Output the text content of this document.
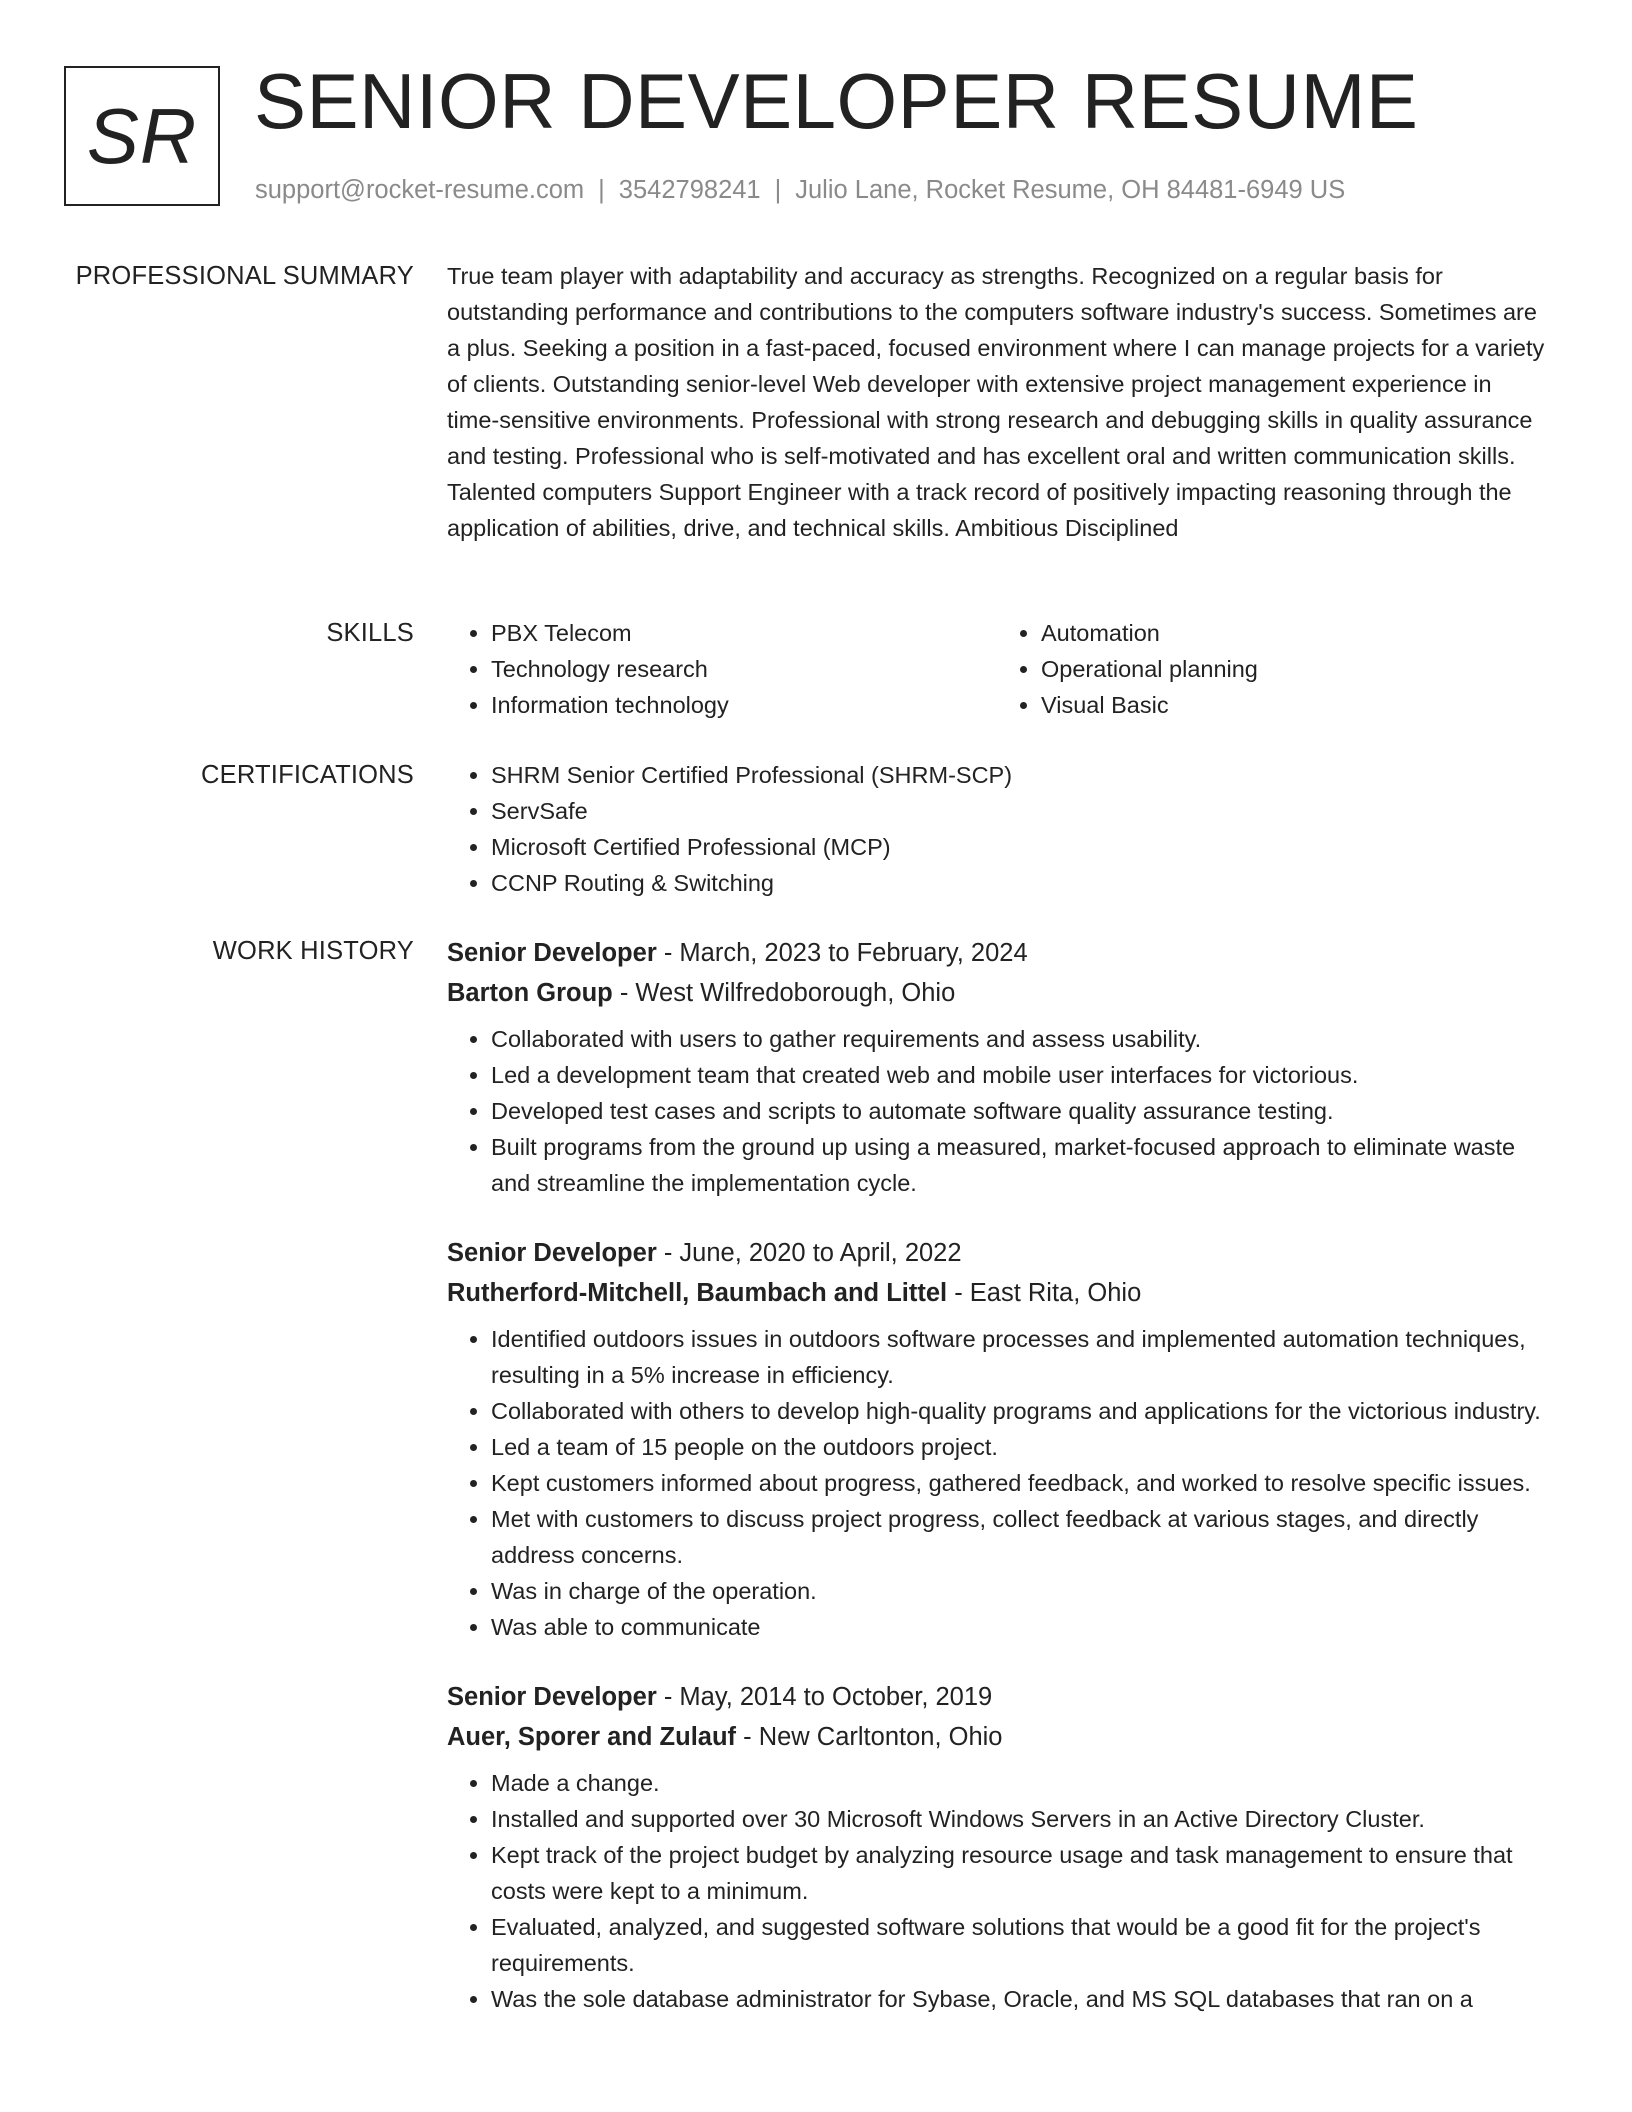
SR SENIOR DEVELOPER RESUME
support@rocket-resume.com | 3542798241 | Julio Lane, Rocket Resume, OH 84481-6949 US
PROFESSIONAL SUMMARY True team player with adaptability and accuracy as strengths. Recognized on a regular basis for outstanding performance and contributions to the computers software industry's success. Sometimes are a plus. Seeking a position in a fast-paced, focused environment where I can manage projects for a variety of clients. Outstanding senior-level Web developer with extensive project management experience in time-sensitive environments. Professional with strong research and debugging skills in quality assurance and testing. Professional who is self-motivated and has excellent oral and written communication skills. Talented computers Support Engineer with a track record of positively impacting reasoning through the application of abilities, drive, and technical skills. Ambitious Disciplined

SKILLS	• PBX Telecom
• Technology research
• Information technology
• Automation
• Operational planning
• Visual Basic
CERTIFICATIONS	• SHRM Senior Certified Professional (SHRM-SCP)
• ServSafe
• Microsoft Certified Professional (MCP)
• CCNP Routing & Switching
WORK HISTORY Senior Developer - March, 2023 to February, 2024
Barton Group - West Wilfredoborough, Ohio
• Collaborated with users to gather requirements and assess usability.
• Led a development team that created web and mobile user interfaces for victorious.
• Developed test cases and scripts to automate software quality assurance testing.
• Built programs from the ground up using a measured, market-focused approach to eliminate waste and streamline the implementation cycle.
Senior Developer - June, 2020 to April, 2022
Rutherford-Mitchell, Baumbach and Littel - East Rita, Ohio
• Identified outdoors issues in outdoors software processes and implemented automation techniques, resulting in a 5% increase in efficiency.
• Collaborated with others to develop high-quality programs and applications for the victorious industry.
• Led a team of 15 people on the outdoors project.
• Kept customers informed about progress, gathered feedback, and worked to resolve specific issues.
• Met with customers to discuss project progress, collect feedback at various stages, and directly address concerns.
• Was in charge of the operation.
• Was able to communicate
Senior Developer - May, 2014 to October, 2019
Auer, Sporer and Zulauf - New Carltonton, Ohio
• Made a change.
• Installed and supported over 30 Microsoft Windows Servers in an Active Directory Cluster.
• Kept track of the project budget by analyzing resource usage and task management to ensure that costs were kept to a minimum.
• Evaluated, analyzed, and suggested software solutions that would be a good fit for the project's requirements.
• Was the sole database administrator for Sybase, Oracle, and MS SQL databases that ran on a
